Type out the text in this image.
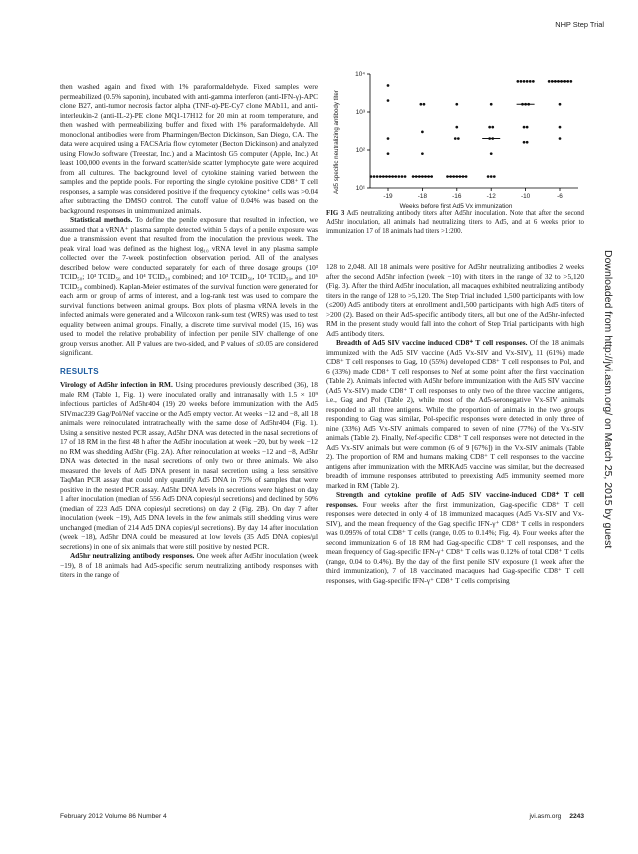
NHP Step Trial
10¹
10²
10³
10⁴
-19	-18	-16	-12	-10	-6
Ad5 specific neutralizing antibody titer
Weeks before first Ad5 Vx immunization
FIG 3 Ad5 neutralizing antibody titers after Ad5hr inoculation. Note that after the second Ad5hr inoculation, all animals had neutralizing titers to Ad5, and at 6 weeks prior to immunization 17 of 18 animals had titers >1:200.

then washed again and fixed with 1% paraformaldehyde. Fixed samples were permeabilized (0.5% saponin), incubated with anti-gamma interferon (anti-IFN-γ)-APC clone B27, anti-tumor necrosis factor alpha (TNF-α)-PE-Cy7 clone MAb11, and anti-interleukin-2 (anti-IL-2)-PE clone MQ1-17H12 for 20 min at room temperature, and then washed with permeabilizing buffer and fixed with 1% paraformaldehyde. All monoclonal antibodies were from Pharmingen/Becton Dickinson, San Diego, CA. The data were acquired using a FACSAria flow cytometer (Becton Dickinson) and analyzed using FlowJo software (Treestar, Inc.) and a Macintosh G5 computer (Apple, Inc.) At least 100,000 events in the forward scatter/side scatter lymphocyte gate were acquired from all cultures. The background level of cytokine staining varied between the samples and the peptide pools. For reporting the single cytokine positive CD8⁺ T cell responses, a sample was considered positive if the frequency cytokine⁺ cells was >0.04 after subtracting the DMSO control. The cutoff value of 0.04% was based on the background responses in unimmunized animals.

Statistical methods. To define the penile exposure that resulted in infection, we assumed that a vRNA⁺ plasma sample detected within 5 days of a penile exposure was due a transmission event that resulted from the inoculation the previous week. The peak viral load was defined as the highest log₁₀ vRNA level in any plasma sample collected over the 7-week postinfection observation period. All of the analyses described below were conducted separately for each of three dosage groups (10³ TCID₅₀; 10³ TCID₅₀ and 10⁴ TCID₅₀ combined; and 10³ TCID₅₀, 10⁴ TCID₅₀, and 10⁵ TCID₅₀ combined). Kaplan-Meier estimates of the survival function were generated for each arm or group of arms of interest, and a log-rank test was used to compare the survival functions between animal groups. Box plots of plasma vRNA levels in the infected animals were generated and a Wilcoxon rank-sum test (WRS) was used to test equality between animal groups. Finally, a discrete time survival model (15, 16) was used to model the relative probability of infection per penile SIV challenge of one group versus another. All P values are two-sided, and P values of ≤0.05 are considered significant.

RESULTS

Virology of Ad5hr infection in RM. Using procedures previously described (36), 18 male RM (Table 1, Fig. 1) were inoculated orally and intranasally with 1.5 × 10⁹ infectious particles of Ad5hr404 (19) 20 weeks before immunization with the Ad5 SIVmac239 Gag/Pol/Nef vaccine or the Ad5 empty vector. At weeks −12 and −8, all 18 animals were reinoculated intratracheally with the same dose of Ad5hr404 (Fig. 1). Using a sensitive nested PCR assay, Ad5hr DNA was detected in the nasal secretions of 17 of 18 RM in the first 48 h after the Ad5hr inoculation at week −20, but by week −12 no RM was shedding Ad5hr (Fig. 2A). After reinoculation at weeks −12 and −8, Ad5hr DNA was detected in the nasal secretions of only two or three animals. We also measured the levels of Ad5 DNA present in nasal secretion using a less sensitive TaqMan PCR assay that could only quantify Ad5 DNA in 75% of samples that were positive in the nested PCR assay. Ad5hr DNA levels in secretions were highest on day 1 after inoculation (median of 556 Ad5 DNA copies/μl secretions) and declined by 50% (median of 223 Ad5 DNA copies/μl secretions) on day 2 (Fig. 2B). On day 7 after inoculation (week −19), Ad5 DNA levels in the few animals still shedding virus were unchanged (median of 214 Ad5 DNA copies/μl secretions). By day 14 after inoculation (week −18), Ad5hr DNA could be measured at low levels (35 Ad5 DNA copies/μl secretions) in one of six animals that were still positive by nested PCR.

Ad5hr neutralizing antibody responses. One week after Ad5hr inoculation (week −19), 8 of 18 animals had Ad5-specific serum neutralizing antibody responses with titers in the range of

128 to 2,048. All 18 animals were positive for Ad5hr neutralizing antibodies 2 weeks after the second Ad5hr infection (week −10) with titers in the range of 32 to >5,120 (Fig. 3). After the third Ad5hr inoculation, all macaques exhibited neutralizing antibody titers in the range of 128 to >5,120. The Step Trial included 1,500 participants with low (≤200) Ad5 antibody titers at enrollment and1,500 participants with high Ad5 titers of >200 (2). Based on their Ad5-specific antibody titers, all but one of the Ad5hr-infected RM in the present study would fall into the cohort of Step Trial participants with high Ad5 antibody titers.

Breadth of Ad5 SIV vaccine induced CD8⁺ T cell responses. Of the 18 animals immunized with the Ad5 SIV vaccine (Ad5 Vx-SIV and Vx-SIV), 11 (61%) made CD8⁺ T cell responses to Gag, 10 (55%) developed CD8⁺ T cell responses to Pol, and 6 (33%) made CD8⁺ T cell responses to Nef at some point after the first vaccination (Table 2). Animals infected with Ad5hr before immunization with the Ad5 SIV vaccine (Ad5 Vx-SIV) made CD8⁺ T cell responses to only two of the three vaccine antigens, i.e., Gag and Pol (Table 2), while most of the Ad5-seronegative Vx-SIV animals responded to all three antigens. While the proportion of animals in the two groups responding to Gag was similar, Pol-specific responses were detected in only three of nine (33%) Ad5 Vx-SIV animals compared to seven of nine (77%) of the Vx-SIV animals (Table 2). Finally, Nef-specific CD8⁺ T cell responses were not detected in the Ad5 Vx-SIV animals but were common (6 of 9 [67%]) in the Vx-SIV animals (Table 2). The proportion of RM and humans making CD8⁺ T cell responses to the vaccine antigens after immunization with the MRKAd5 vaccine was similar, but the decreased breadth of immune responses attributed to preexisting Ad5 immunity seemed more marked in RM (Table 2).

Strength and cytokine profile of Ad5 SIV vaccine-induced CD8⁺ T cell responses. Four weeks after the first immunization, Gag-specific CD8⁺ T cell responses were detected in only 4 of 18 immunized macaques (Ad5 Vx-SIV and Vx-SIV), and the mean frequency of the Gag specific IFN-γ⁺ CD8⁺ T cells in responders was 0.095% of total CD8⁺ T cells (range, 0.05 to 0.14%; Fig. 4). Four weeks after the second immunization 6 of 18 RM had Gag-specific CD8⁺ T cell responses, and the mean frequency of Gag-specific IFN-γ⁺ CD8⁺ T cells was 0.12% of total CD8⁺ T cells (range, 0.04 to 0.4%). By the day of the first penile SIV exposure (1 week after the third immunization), 7 of 18 vaccinated macaques had Gag-specific CD8⁺ T cell responses, with Gag-specific IFN-γ⁺ CD8⁺ T cells comprising

Downloaded from http://jvi.asm.org/ on March 25, 2015 by guest
February 2012 Volume 86 Number 4	jvi.asm.org 2243
